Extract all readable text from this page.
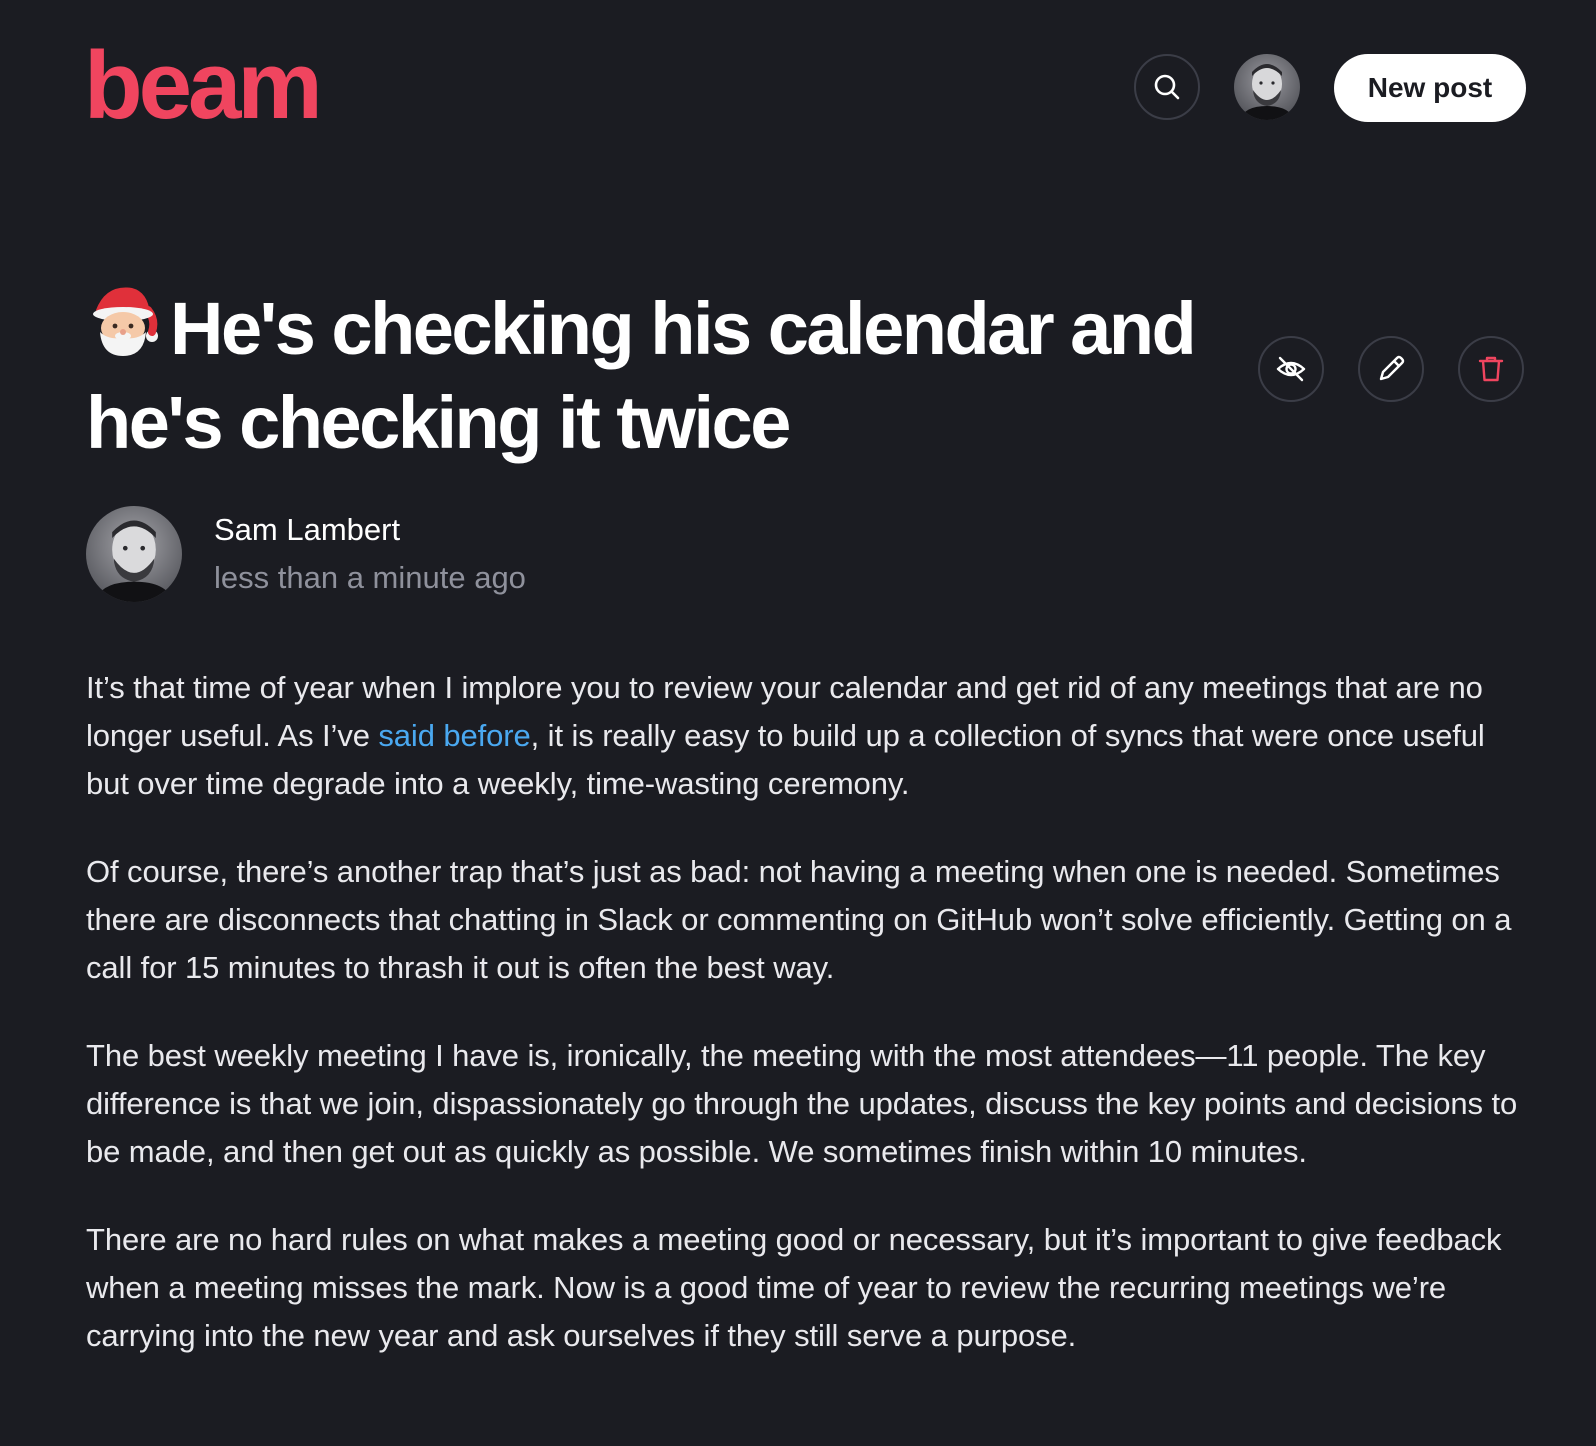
beam	New post
He's checking his calendar and he's checking it twice
Sam Lambert
less than a minute ago

It’s that time of year when I implore you to review your calendar and get rid of any meetings that are no longer useful. As I’ve said before, it is really easy to build up a collection of syncs that were once useful but over time degrade into a weekly, time-wasting ceremony.

Of course, there’s another trap that’s just as bad: not having a meeting when one is needed. Sometimes there are disconnects that chatting in Slack or commenting on GitHub won’t solve efficiently. Getting on a call for 15 minutes to thrash it out is often the best way.

The best weekly meeting I have is, ironically, the meeting with the most attendees—11 people. The key difference is that we join, dispassionately go through the updates, discuss the key points and decisions to be made, and then get out as quickly as possible. We sometimes finish within 10 minutes.

There are no hard rules on what makes a meeting good or necessary, but it’s important to give feedback when a meeting misses the mark. Now is a good time of year to review the recurring meetings we’re carrying into the new year and ask ourselves if they still serve a purpose.
